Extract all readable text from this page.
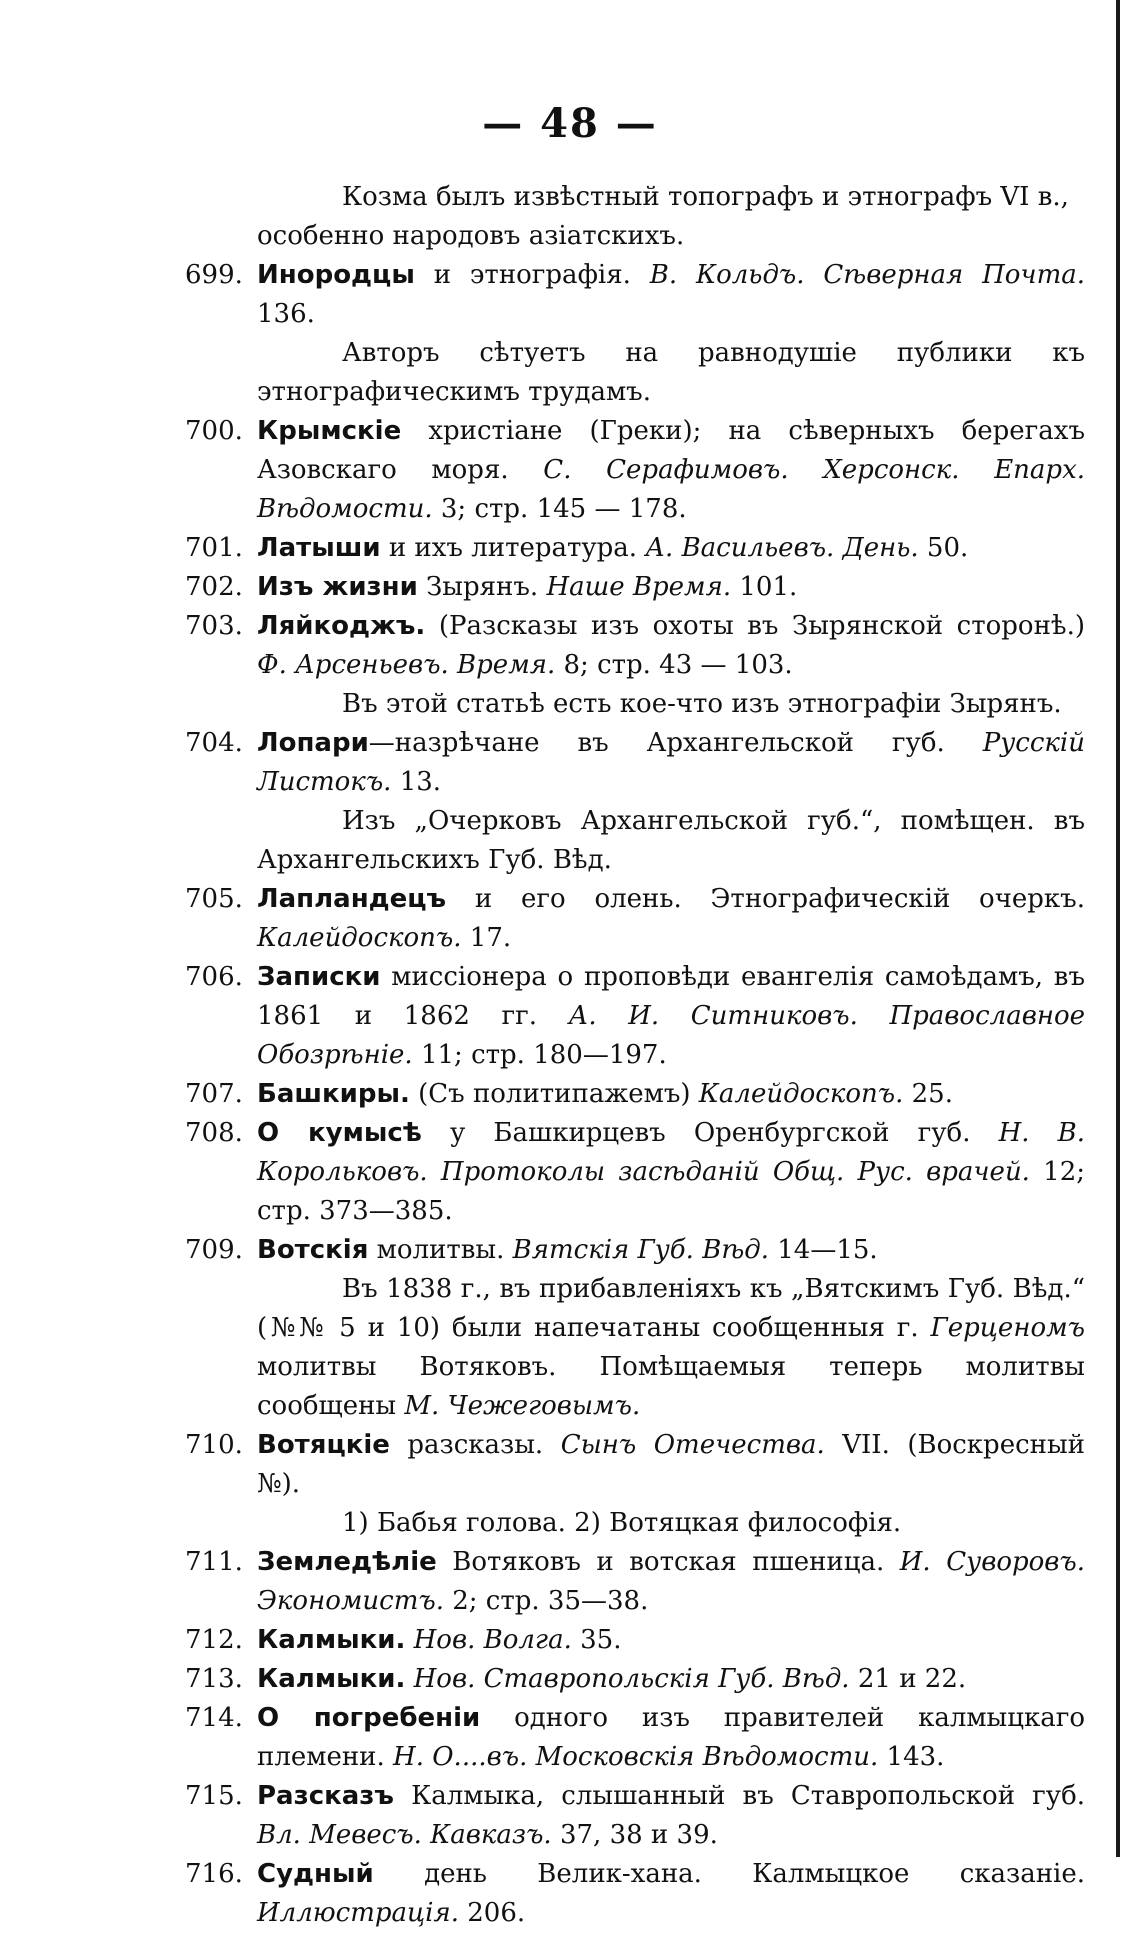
— 48 —
Козма былъ извѣстный топографъ и этнографъ VI в.,
особенно народовъ азіатскихъ.
699. Инородцы и этнографія. В. Кольдъ. Сѣверная Почта. 136.
Авторъ сѣтуетъ на равнодушіе публики къ этнографическимъ трудамъ.
700. Крымскіе христіане (Греки); на сѣверныхъ берегахъ Азовскаго моря. С. Серафимовъ. Херсонск. Епарх. Вѣдомости. 3; стр. 145 — 178.
701. Латыши и ихъ литература. А. Васильевъ. День. 50.
702. Изъ жизни Зырянъ. Наше Время. 101.
703. Ляйкоджъ. (Разсказы изъ охоты въ Зырянской сторонѣ.) Ф. Арсеньевъ. Время. 8; стр. 43 — 103.
Въ этой статьѣ есть кое-что изъ этнографіи Зырянъ.
704. Лопари—назрѣчане въ Архангельской губ. Русскій Листокъ. 13.
Изъ „Очерковъ Архангельской губ.“, помѣщен. въ Архангельскихъ Губ. Вѣд.
705. Лапландецъ и его олень. Этнографическій очеркъ. Калейдоскопъ. 17.
706. Записки миссіонера о проповѣди евангелія самоѣдамъ, въ 1861 и 1862 гг. А. И. Ситниковъ. Православное Обозрѣніе. 11; стр. 180—197.
707. Башкиры. (Съ политипажемъ) Калейдоскопъ. 25.
708. О кумысѣ у Башкирцевъ Оренбургской губ. Н. В. Корольковъ. Протоколы засѣданій Общ. Рус. врачей. 12; стр. 373—385.
709. Вотскія молитвы. Вятскія Губ. Вѣд. 14—15.
Въ 1838 г., въ прибавленіяхъ къ „Вятскимъ Губ. Вѣд.“ (№№ 5 и 10) были напечатаны сообщенныя г. Герценомъ молитвы Вотяковъ. Помѣщаемыя теперь молитвы сообщены М. Чежеговымъ.
710. Вотяцкіе разсказы. Сынъ Отечества. VII. (Воскресный №).
1) Бабья голова. 2) Вотяцкая философія.
711. Земледѣліе Вотяковъ и вотская пшеница. И. Суворовъ. Экономистъ. 2; стр. 35—38.
712. Калмыки. Нов. Волга. 35.
713. Калмыки. Нов. Ставропольскія Губ. Вѣд. 21 и 22.
714. О погребеніи одного изъ правителей калмыцкаго племени. Н. О....въ. Московскія Вѣдомости. 143.
715. Разсказъ Калмыка, слышанный въ Ставропольской губ. Вл. Мевесъ. Кавказъ. 37, 38 и 39.
716. Судный день Велик-хана. Калмыцкое сказаніе. Иллюстрація. 206.
